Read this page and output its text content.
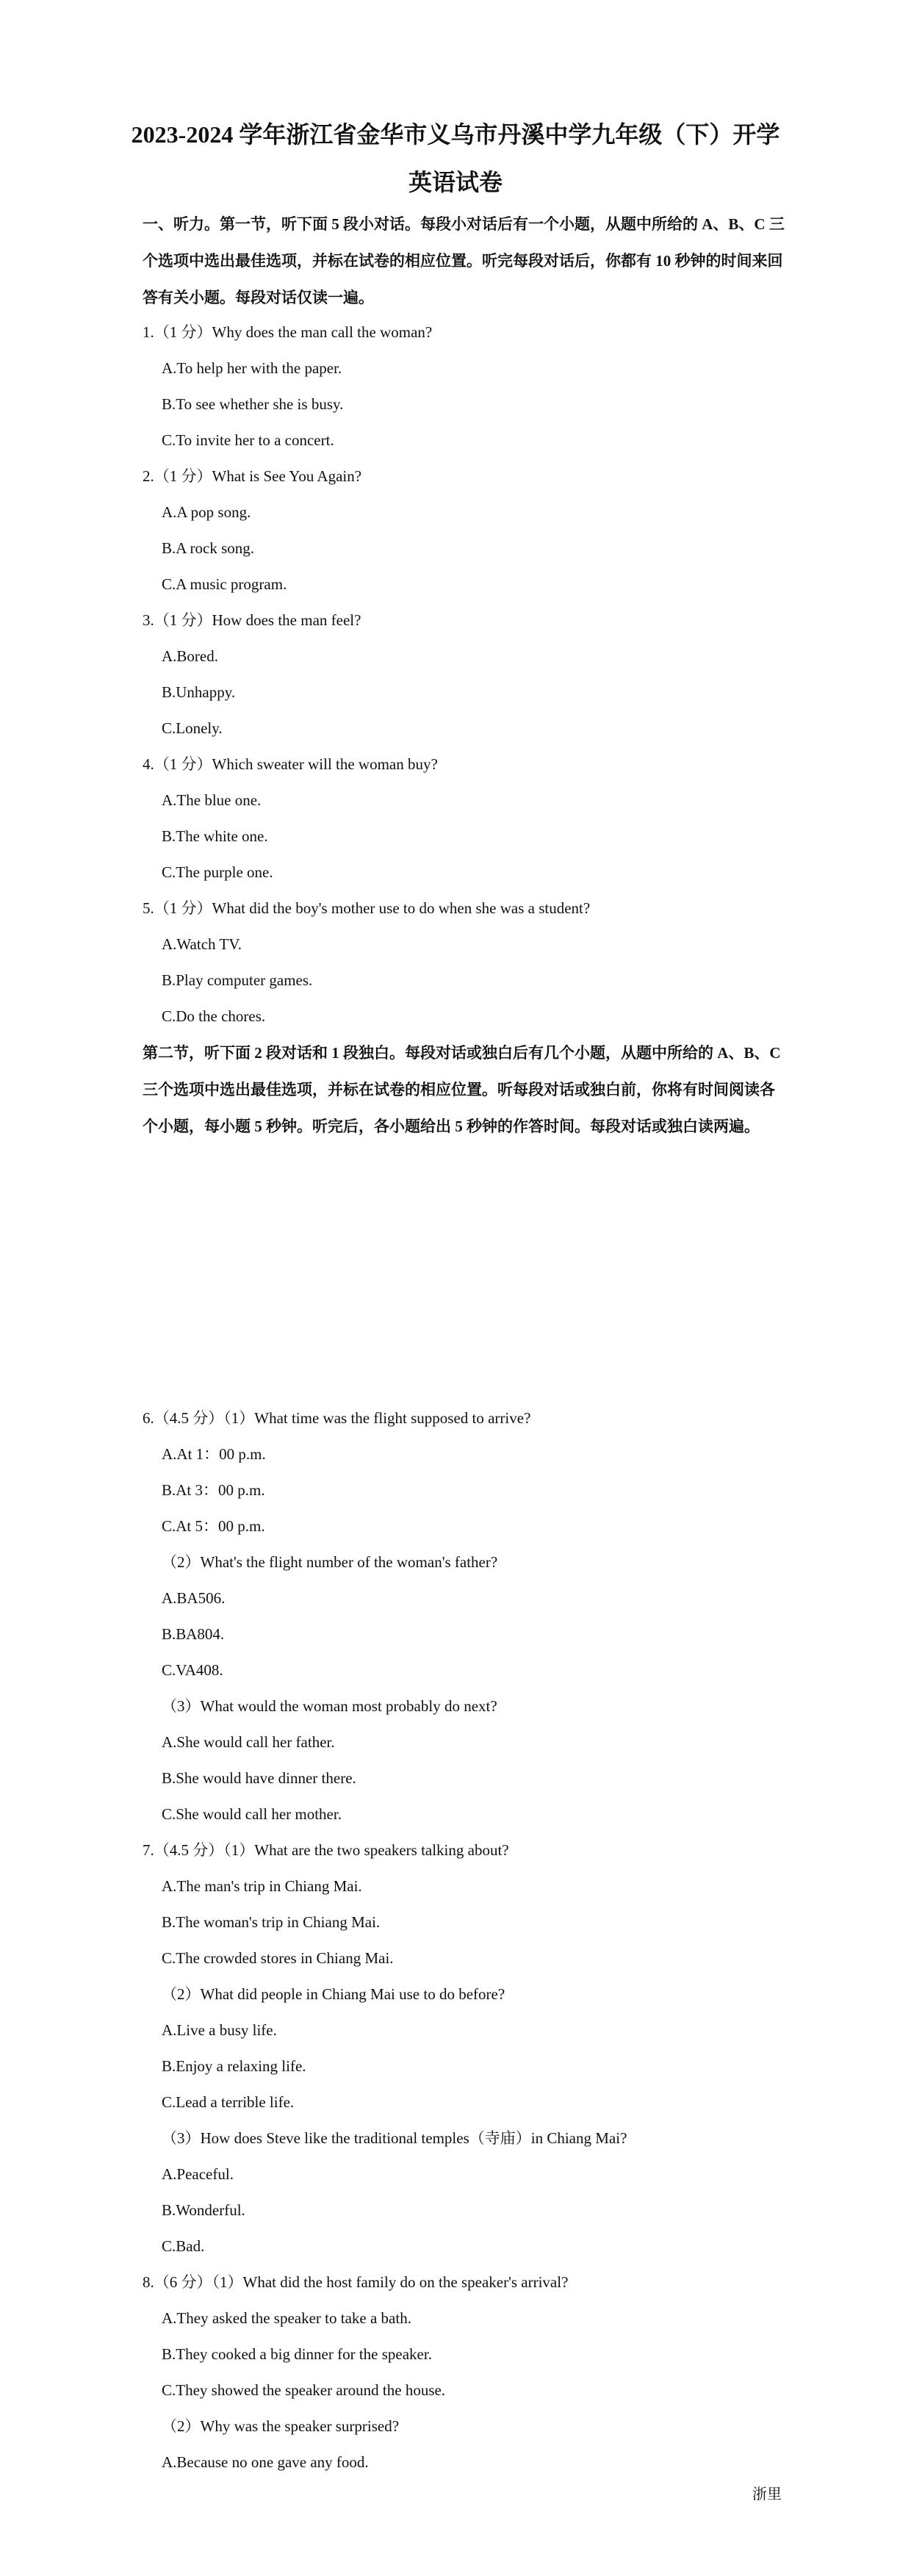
2023-2024 学年浙江省金华市义乌市丹溪中学九年级（下）开学
英语试卷
一、听力。第一节，听下面 5 段小对话。每段小对话后有一个小题，从题中所给的 A、B、C 三个选项中选出最佳选项，并标在试卷的相应位置。听完每段对话后，你都有 10 秒钟的时间来回答有关小题。每段对话仅读一遍。
1.（1 分）Why does the man call the woman?
A.To help her with the paper.
B.To see whether she is busy.
C.To invite her to a concert.
2.（1 分）What is See You Again?
A.A pop song.
B.A rock song.
C.A music program.
3.（1 分）How does the man feel?
A.Bored.
B.Unhappy.
C.Lonely.
4.（1 分）Which sweater will the woman buy?
A.The blue one.
B.The white one.
C.The purple one.
5.（1 分）What did the boy's mother use to do when she was a student?
A.Watch TV.
B.Play computer games.
C.Do the chores.
第二节，听下面 2 段对话和 1 段独白。每段对话或独白后有几个小题，从题中所给的 A、B、C 三个选项中选出最佳选项，并标在试卷的相应位置。听每段对话或独白前，你将有时间阅读各个小题，每小题 5 秒钟。听完后，各小题给出 5 秒钟的作答时间。每段对话或独白读两遍。
6.（4.5 分）（1）What time was the flight supposed to arrive?
A.At 1：00 p.m.
B.At 3：00 p.m.
C.At 5：00 p.m.
（2）What's the flight number of the woman's father?
A.BA506.
B.BA804.
C.VA408.
（3）What would the woman most probably do next?
A.She would call her father.
B.She would have dinner there.
C.She would call her mother.
7.（4.5 分）（1）What are the two speakers talking about?
A.The man's trip in Chiang Mai.
B.The woman's trip in Chiang Mai.
C.The crowded stores in Chiang Mai.
（2）What did people in Chiang Mai use to do before?
A.Live a busy life.
B.Enjoy a relaxing life.
C.Lead a terrible life.
（3）How does Steve like the traditional temples（寺庙）in Chiang Mai?
A.Peaceful.
B.Wonderful.
C.Bad.
8.（6 分）（1）What did the host family do on the speaker's arrival?
A.They asked the speaker to take a bath.
B.They cooked a big dinner for the speaker.
C.They showed the speaker around the house.
（2）Why was the speaker surprised?
A.Because no one gave any food.
浙里
